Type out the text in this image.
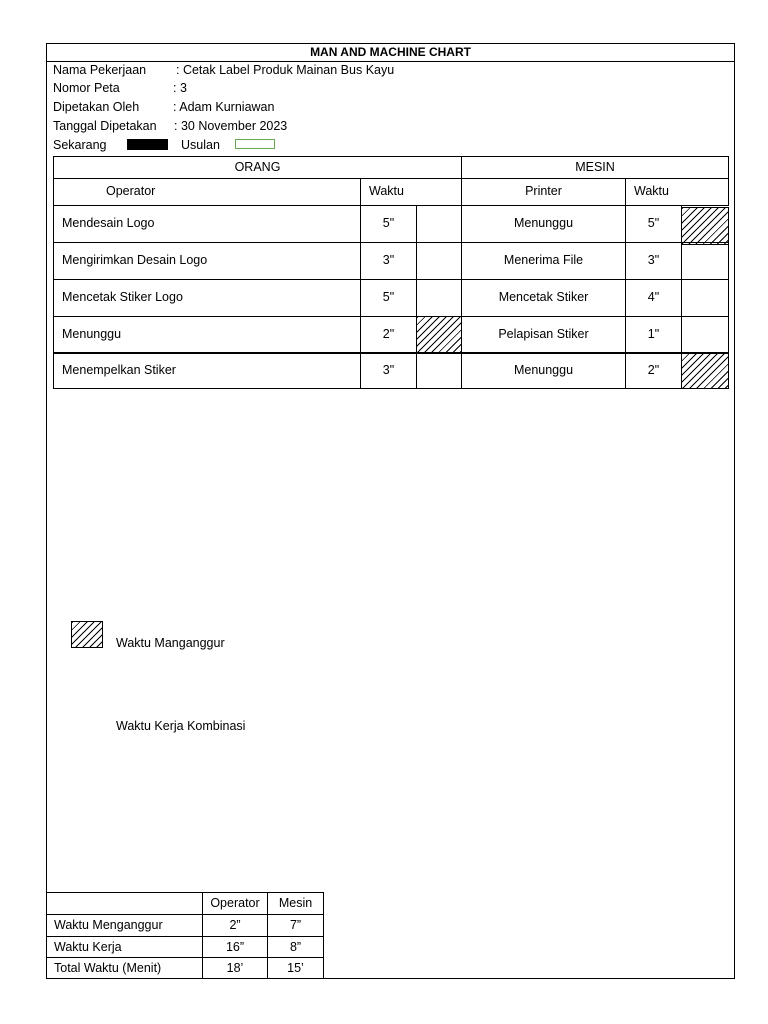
MAN AND MACHINE CHART
Nama Pekerjaan : Cetak Label Produk Mainan Bus Kayu
Nomor Peta	: 3
Dipetakan Oleh	: Adam Kurniawan
Tanggal Dipetakan : 30 November 2023
Sekarang	Usulan
ORANG	MESIN
Operator	Waktu	Printer	Waktu
Mendesain Logo	5"	Menunggu	5"
Mengirimkan Desain Logo	3"	Menerima File	3"
Mencetak Stiker Logo	5"	Mencetak Stiker	4"
Menunggu	2"	Pelapisan Stiker	1"
Menempelkan Stiker	3"	Menunggu	2"
Waktu Manganggur
Waktu Kerja Kombinasi
Operator	Mesin
Waktu Menganggur	2”	7”
Waktu Kerja	16”	8”
Total Waktu (Menit)	18’	15’
